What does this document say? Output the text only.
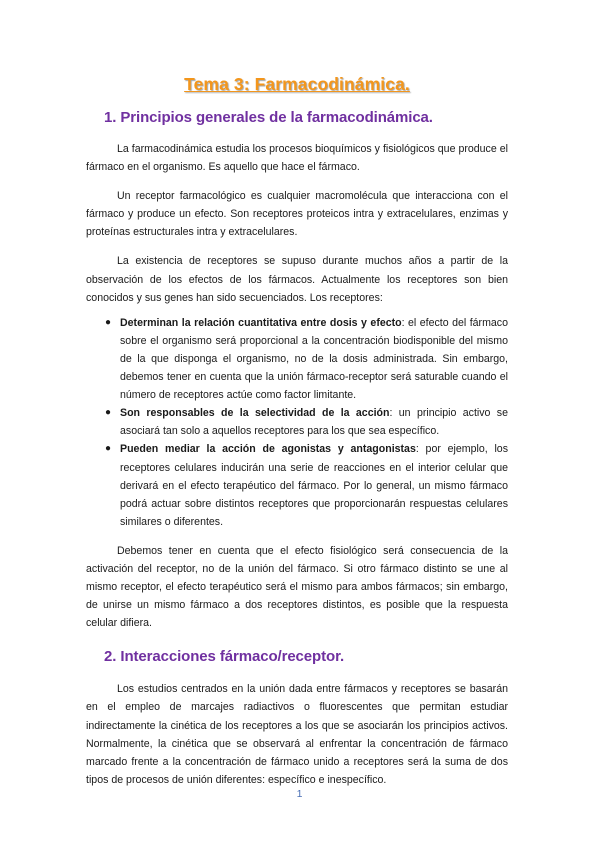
Tema 3: Farmacodinámica.
1. Principios generales de la farmacodinámica.

La farmacodinámica estudia los procesos bioquímicos y fisiológicos que produce el fármaco en el organismo. Es aquello que hace el fármaco.

Un receptor farmacológico es cualquier macromolécula que interacciona con el fármaco y produce un efecto. Son receptores proteicos intra y extracelulares, enzimas y proteínas estructurales intra y extracelulares.

La existencia de receptores se supuso durante muchos años a partir de la observación de los efectos de los fármacos. Actualmente los receptores son bien conocidos y sus genes han sido secuenciados. Los receptores:

● Determinan la relación cuantitativa entre dosis y efecto: el efecto del fármaco sobre el organismo será proporcional a la concentración biodisponible del mismo de la que disponga el organismo, no de la dosis administrada. Sin embargo, debemos tener en cuenta que la unión fármaco-receptor será saturable cuando el número de receptores actúe como factor limitante.
● Son responsables de la selectividad de la acción: un principio activo se asociará tan solo a aquellos receptores para los que sea específico.
● Pueden mediar la acción de agonistas y antagonistas: por ejemplo, los receptores celulares inducirán una serie de reacciones en el interior celular que derivará en el efecto terapéutico del fármaco. Por lo general, un mismo fármaco podrá actuar sobre distintos receptores que proporcionarán respuestas celulares similares o diferentes.

Debemos tener en cuenta que el efecto fisiológico será consecuencia de la activación del receptor, no de la unión del fármaco. Si otro fármaco distinto se une al mismo receptor, el efecto terapéutico será el mismo para ambos fármacos; sin embargo, de unirse un mismo fármaco a dos receptores distintos, es posible que la respuesta celular difiera.

2. Interacciones fármaco/receptor.

Los estudios centrados en la unión dada entre fármacos y receptores se basarán en el empleo de marcajes radiactivos o fluorescentes que permitan estudiar indirectamente la cinética de los receptores a los que se asociarán los principios activos. Normalmente, la cinética que se observará al enfrentar la concentración de fármaco marcado frente a la concentración de fármaco unido a receptores será la suma de dos tipos de procesos de unión diferentes: específico e inespecífico.

1
